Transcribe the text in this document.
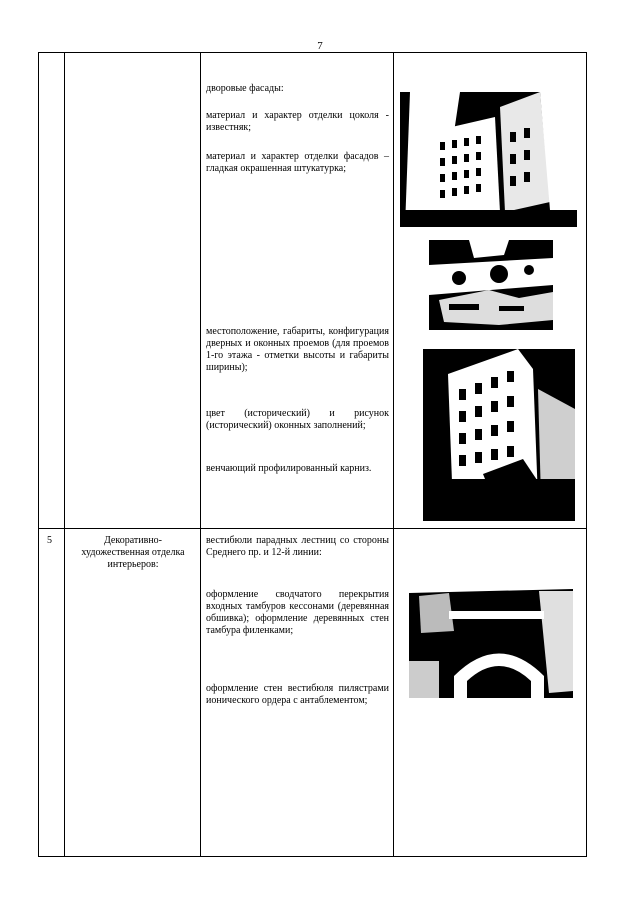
7

дворовые фасады:

материал и характер отделки цоколя - известняк;

материал и характер отделки фасадов – гладкая окрашенная штукатурка;

местоположение, габариты, конфигурация дверных и оконных проемов (для проемов 1-го этажа - отметки высоты и габариты ширины);

цвет (исторический) и рисунок (исторический) оконных заполнений;

венчающий профилированный карниз.

5	Декоративно-художественная отделка интерьеров:

вестибюли парадных лестниц со стороны Среднего пр. и 12-й линии:

оформление сводчатого перекрытия входных тамбуров кессонами (деревянная обшивка); оформление деревянных стен тамбура филенками;

оформление стен вестибюля пилястрами ионического ордера с антаблементом;
